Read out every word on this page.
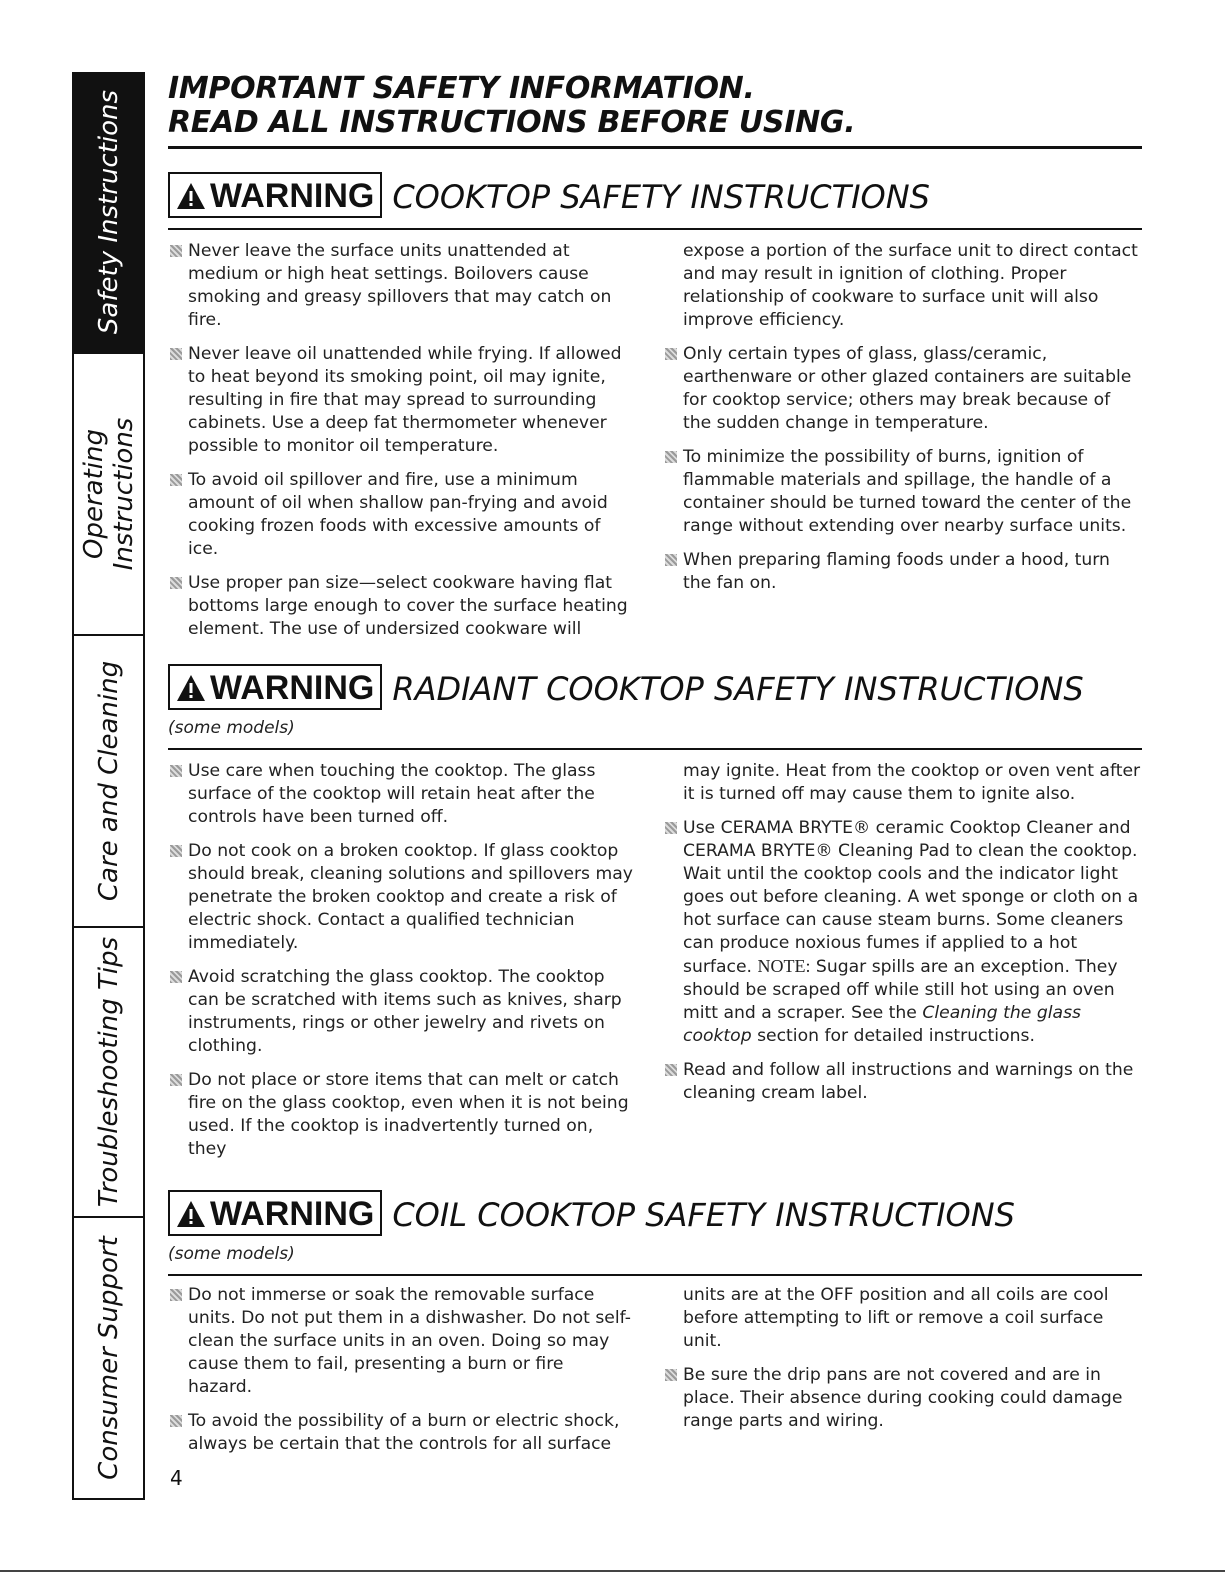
Safety Instructions
Operating
Instructions
Care and Cleaning
Troubleshooting Tips
Consumer Support
IMPORTANT SAFETY INFORMATION.
READ ALL INSTRUCTIONS BEFORE USING.
WARNING COOKTOP SAFETY INSTRUCTIONS
Never leave the surface units unattended at medium or high heat settings. Boilovers cause smoking and greasy spillovers that may catch on fire.
Never leave oil unattended while frying. If allowed to heat beyond its smoking point, oil may ignite, resulting in fire that may spread to surrounding cabinets. Use a deep fat thermometer whenever possible to monitor oil temperature.
To avoid oil spillover and fire, use a minimum amount of oil when shallow pan-frying and avoid cooking frozen foods with excessive amounts of ice.
Use proper pan size—select cookware having flat bottoms large enough to cover the surface heating element. The use of undersized cookware will
expose a portion of the surface unit to direct contact and may result in ignition of clothing. Proper relationship of cookware to surface unit will also improve efficiency.
Only certain types of glass, glass/ceramic, earthenware or other glazed containers are suitable for cooktop service; others may break because of the sudden change in temperature.
To minimize the possibility of burns, ignition of flammable materials and spillage, the handle of a container should be turned toward the center of the range without extending over nearby surface units.
When preparing flaming foods under a hood, turn the fan on.
WARNING RADIANT COOKTOP SAFETY INSTRUCTIONS
(some models)
Use care when touching the cooktop. The glass surface of the cooktop will retain heat after the controls have been turned off.
Do not cook on a broken cooktop. If glass cooktop should break, cleaning solutions and spillovers may penetrate the broken cooktop and create a risk of electric shock. Contact a qualified technician immediately.
Avoid scratching the glass cooktop. The cooktop can be scratched with items such as knives, sharp instruments, rings or other jewelry and rivets on clothing.
Do not place or store items that can melt or catch fire on the glass cooktop, even when it is not being used. If the cooktop is inadvertently turned on, they
may ignite. Heat from the cooktop or oven vent after it is turned off may cause them to ignite also.
Use CERAMA BRYTE® ceramic Cooktop Cleaner and CERAMA BRYTE® Cleaning Pad to clean the cooktop. Wait until the cooktop cools and the indicator light goes out before cleaning. A wet sponge or cloth on a hot surface can cause steam burns. Some cleaners can produce noxious fumes if applied to a hot surface. NOTE: Sugar spills are an exception. They should be scraped off while still hot using an oven mitt and a scraper. See the Cleaning the glass cooktop section for detailed instructions.
Read and follow all instructions and warnings on the cleaning cream label.
WARNING COIL COOKTOP SAFETY INSTRUCTIONS
(some models)
Do not immerse or soak the removable surface units. Do not put them in a dishwasher. Do not self-clean the surface units in an oven. Doing so may cause them to fail, presenting a burn or fire hazard.
To avoid the possibility of a burn or electric shock, always be certain that the controls for all surface
units are at the OFF position and all coils are cool before attempting to lift or remove a coil surface unit.
Be sure the drip pans are not covered and are in place. Their absence during cooking could damage range parts and wiring.
4
